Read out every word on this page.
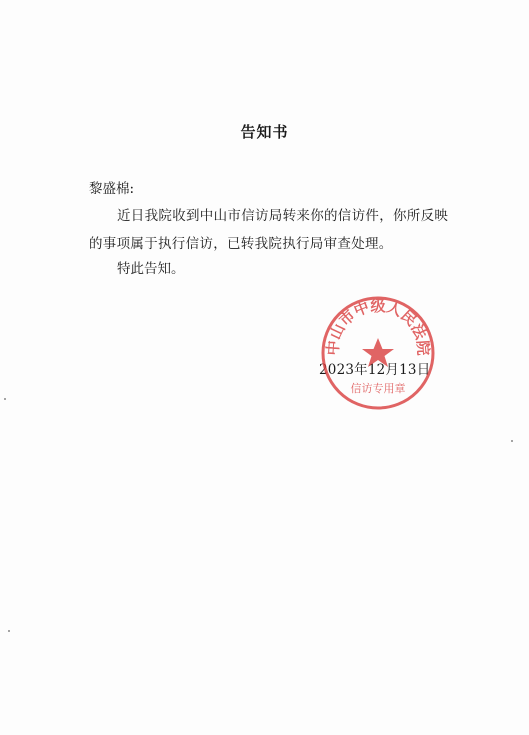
告知书
黎盛棉:
近日我院收到中山市信访局转来你的信访件，你所反映的事项属于执行信访，已转我院执行局审查处理。
特此告知。
2023年12月13日
中山市中级人民法院
信访专用章
